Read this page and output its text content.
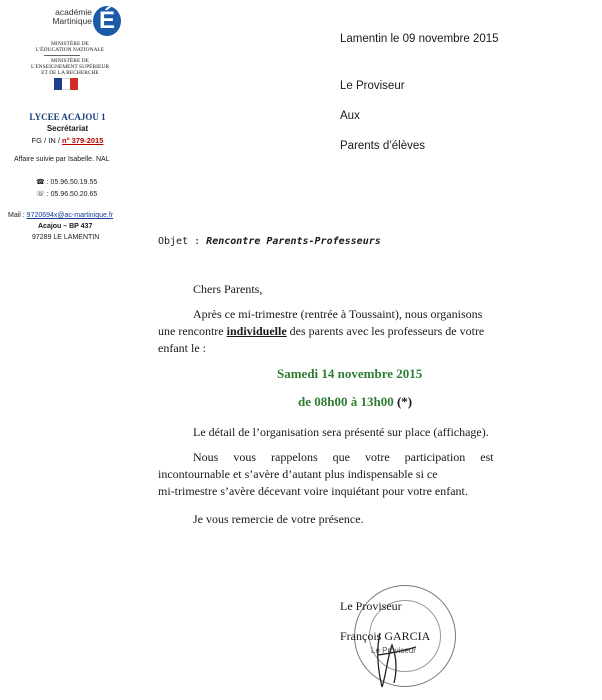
académie
Martinique É
MINISTÈRE DE
L'ÉDUCATION NATIONALE
MINISTÈRE DE
L'ENSEIGNEMENT SUPÉRIEUR
ET DE LA RECHERCHE
LYCEE ACAJOU 1
Secrétariat
FG / IN / n° 379-2015
Affaire suivie par Isabelle. NAL
☎ : 05.96.50.19.55
☏ : 05.96.50.20.65
Mail : 9720694x@ac-martinique.fr
Acajou – BP 437
97289 LE LAMENTIN
Lamentin le 09 novembre 2015
Le Proviseur
Aux
Parents d’élèves
Objet : Rencontre Parents-Professeurs
Chers Parents,
Après ce mi-trimestre (rentrée à Toussaint), nous organisons
une rencontre individuelle des parents avec les professeurs de votre
enfant le :
Samedi 14 novembre 2015
de 08h00 à 13h00 (*)
Le détail de l’organisation sera présenté sur place (affichage).
Nous     vous     rappelons     que     votre     participation     est
incontournable et s’avère d’autant plus indispensable si ce
mi-trimestre s’avère décevant voire inquiétant pour votre enfant.
Je vous remercie de votre présence.
Le Proviseur
Le Proviseur
François GARCIA
